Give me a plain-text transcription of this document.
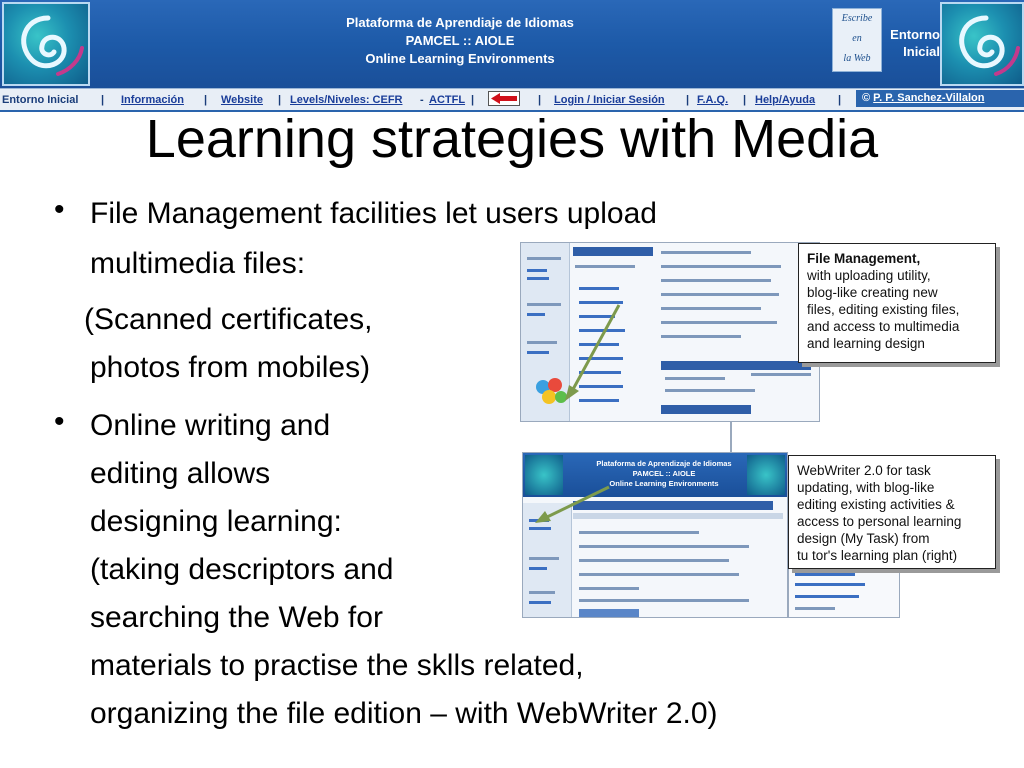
Plataforma de Aprendiaje de Idiomas
PAMCEL :: AIOLE
Online Learning Environments
Escribe
en
la Web
Entorno
Inicial
Entorno Inicial | Información | Website | Levels/Niveles: CEFR - ACTFL |	| Login / Iniciar Sesión | F.A.Q. | Help/Ayuda |	© P. P. Sanchez-Villalon
Learning strategies with Media
• File Management facilities let users upload
multimedia files:
(Scanned certificates,
photos from mobiles)
• Online writing and
editing allows
designing learning:
(taking descriptors and
searching the Web for
materials to practise the sklls related,
organizing the file edition – with WebWriter 2.0)
File Management,
with uploading utility,
blog-like creating new
files, editing existing files,
and access to multimedia
and learning design
Plataforma de Aprendizaje de Idiomas
PAMCEL :: AIOLE
Online Learning Environments
WebWriter 2.0 for task
updating, with blog-like
editing existing activities &
access to personal learning
design (My Task) from
tu tor's learning plan (right)
